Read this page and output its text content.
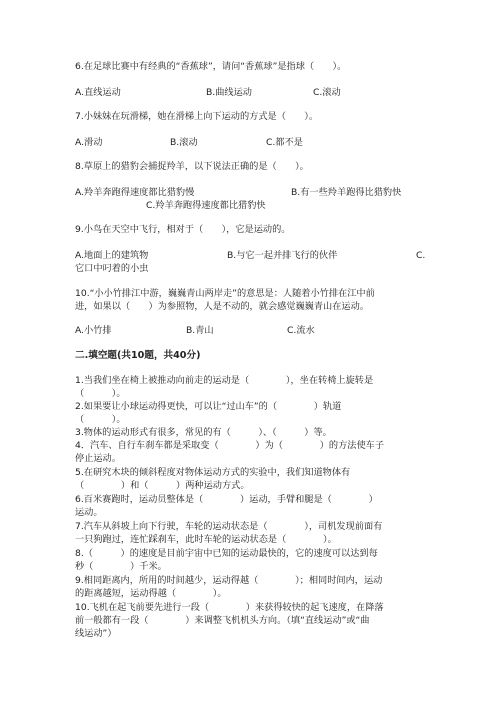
6.在足球比赛中有经典的“香蕉球”，请问“香蕉球”是指球（　　）。
A.直线运动	B.曲线运动	C.滚动
7.小妹妹在玩滑梯，她在滑梯上向下运动的方式是（　　）。
A.滑动	B.滚动	C.都不是
8.草原上的猎豹会捕捉羚羊，以下说法正确的是（　　）。
A.羚羊奔跑得速度都比猎豹慢	B.有一些羚羊跑得比猎豹快
C.羚羊奔跑得速度都比猎豹快
9.小鸟在天空中飞行，相对于（　　），它是运动的。
A.地面上的建筑物	B.与它一起并排飞行的伙伴	C.
它口中叼着的小虫
10.“小小竹排江中游，巍巍青山两岸走”的意思是：人随着小竹排在江中前
进，如果以（　　）为参照物，人是不动的，就会感觉巍巍青山在运动。
A.小竹排	B.青山	C.流水
二.填空题(共10题，共40分)
1.当我们坐在椅上被推动向前走的运动是（　　　　），坐在转椅上旋转是
（　　　）。
2.如果要让小球运动得更快，可以让“过山车”的（　　　　）轨道
（　　　）。
3.物体的运动形式有很多，常见的有（　　　）、（　　　）等。
4．汽车、自行车刹车都是采取变（　　　　）为（　　　　）的方法使车子
停止运动。
5.在研究木块的倾斜程度对物体运动方式的实验中，我们知道物体有
（　　　　）和（　　　）两种运动方式。
6.百米赛跑时，运动员整体是（　　　　）运动，手臂和腿是（　　　　）
运动。
7.汽车从斜坡上向下行驶，车轮的运动状态是（　　　　），司机发现前面有
一只狗跑过，连忙踩刹车，此时车轮的运动状态是（　　　　）。
8.（　　　）的速度是目前宇宙中已知的运动最快的，它的速度可以达到每
秒（　　　　）千米。
9.相同距离内，所用的时间越少，运动得越（　　　　）；相同时间内，运动
的距离越短，运动得越（　　　　）。
10.飞机在起飞前要先进行一段（　　　　）来获得较快的起飞速度，在降落
前一般都有一段（　　　　）来调整飞机机头方向。（填“直线运动”或“曲
线运动”）
